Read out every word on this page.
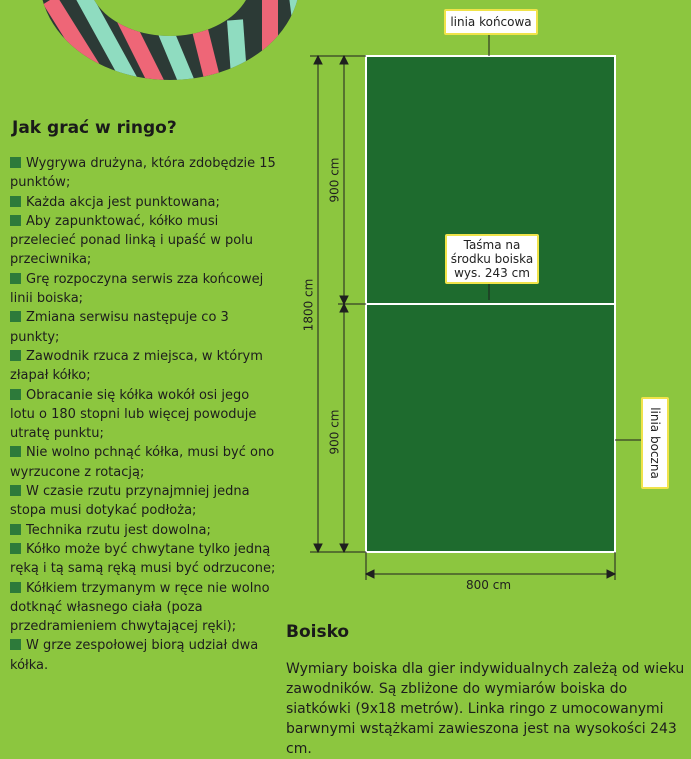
Jak grać w ringo?
Wygrywa drużyna, która zdobędzie 15 punktów;
Każda akcja jest punktowana;
Aby zapunktować, kółko musi przelecieć ponad linką i upaść w polu przeciwnika;
Grę rozpoczyna serwis zza końcowej linii boiska;
Zmiana serwisu następuje co 3 punkty;
Zawodnik rzuca z miejsca, w którym złapał kółko;
Obracanie się kółka wokół osi jego lotu o 180 stopni lub więcej powoduje utratę punktu;
Nie wolno pchnąć kółka, musi być ono wyrzucone z rotacją;
W czasie rzutu przynajmniej jedna stopa musi dotykać podłoża;
Technika rzutu jest dowolna;
Kółko może być chwytane tylko jedną ręką i tą samą ręką musi być odrzucone;
Kółkiem trzymanym w ręce nie wolno dotknąć własnego ciała (poza przedramieniem chwytającej ręki);
W grze zespołowej biorą udział dwa kółka.
linia końcowa
Taśma na
środku boiska
wys. 243 cm
linia boczna
1800 cm
900 cm
900 cm
800 cm
Boisko

Wymiary boiska dla gier indywidualnych zależą od wieku zawodników. Są zbliżone do wymiarów boiska do siatkówki (9x18 metrów). Linka ringo z umocowanymi barwnymi wstążkami zawieszona jest na wysokości 243 cm.
